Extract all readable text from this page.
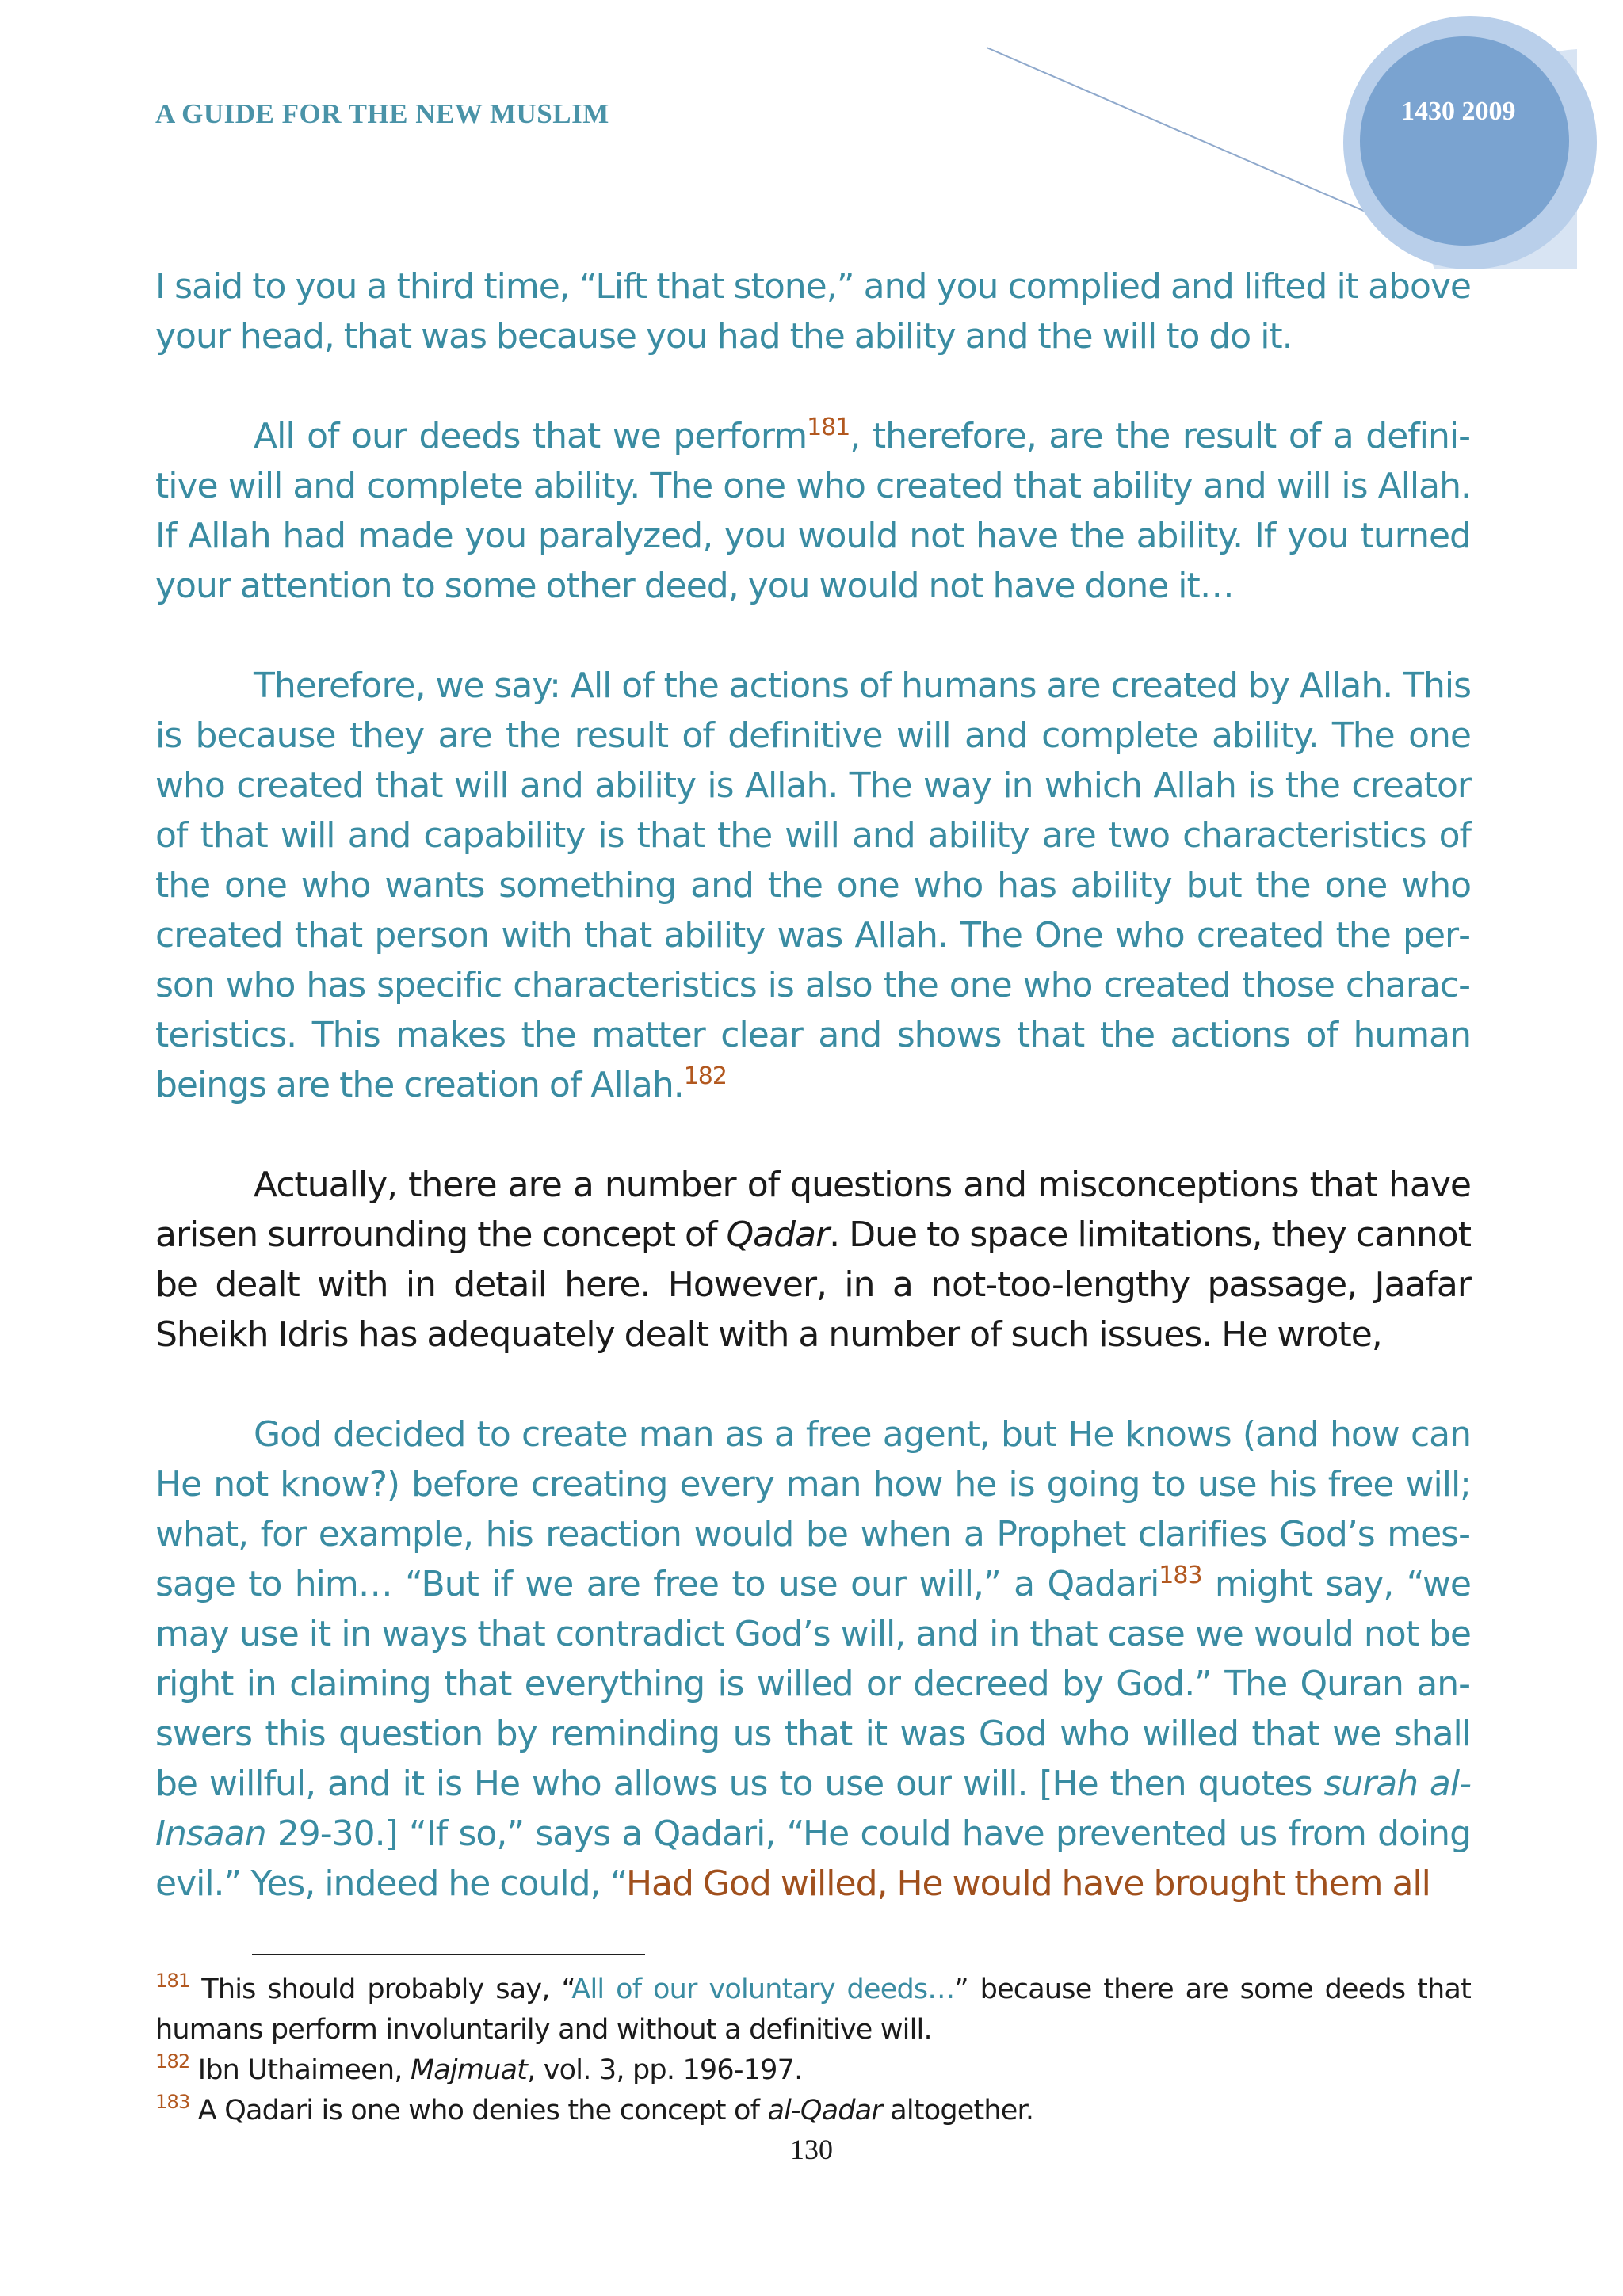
A GUIDE FOR THE NEW MUSLIM	1430 2009

I said to you a third time, “Lift that stone,” and you complied and lifted it above your head, that was because you had the ability and the will to do it.

All of our deeds that we perform$^{181}$, therefore, are the result of a definitive will and complete ability. The one who created that ability and will is Allah. If Allah had made you paralyzed, you would not have the ability. If you turned your attention to some other deed, you would not have done it…

Therefore, we say: All of the actions of humans are created by Allah. This is because they are the result of definitive will and complete ability. The one who created that will and ability is Allah. The way in which Allah is the creator of that will and capability is that the will and ability are two characteristics of the one who wants something and the one who has ability but the one who created that person with that ability was Allah. The One who created the person who has specific characteristics is also the one who created those characteristics. This makes the matter clear and shows that the actions of human beings are the creation of Allah.$^{182}$

Actually, there are a number of questions and misconceptions that have arisen surrounding the concept of Qadar. Due to space limitations, they cannot be dealt with in detail here. However, in a not-too-lengthy passage, Jaafar Sheikh Idris has adequately dealt with a number of such issues. He wrote,

God decided to create man as a free agent, but He knows (and how can He not know?) before creating every man how he is going to use his free will; what, for example, his reaction would be when a Prophet clarifies God’s message to him… “But if we are free to use our will,” a Qadari$^{183}$ might say, “we may use it in ways that contradict God’s will, and in that case we would not be right in claiming that everything is willed or decreed by God.” The Quran answers this question by reminding us that it was God who willed that we shall be willful, and it is He who allows us to use our will. [He then quotes surah al-Insaan 29-30.] “If so,” says a Qadari, “He could have prevented us from doing evil.” Yes, indeed he could, “Had God willed, He would have brought them all

$^{181}$ This should probably say, “All of our voluntary deeds…” because there are some deeds that humans perform involuntarily and without a definitive will.

$^{182}$ Ibn Uthaimeen, Majmuat, vol. 3, pp. 196-197.

$^{183}$ A Qadari is one who denies the concept of al-Qadar altogether.

130
